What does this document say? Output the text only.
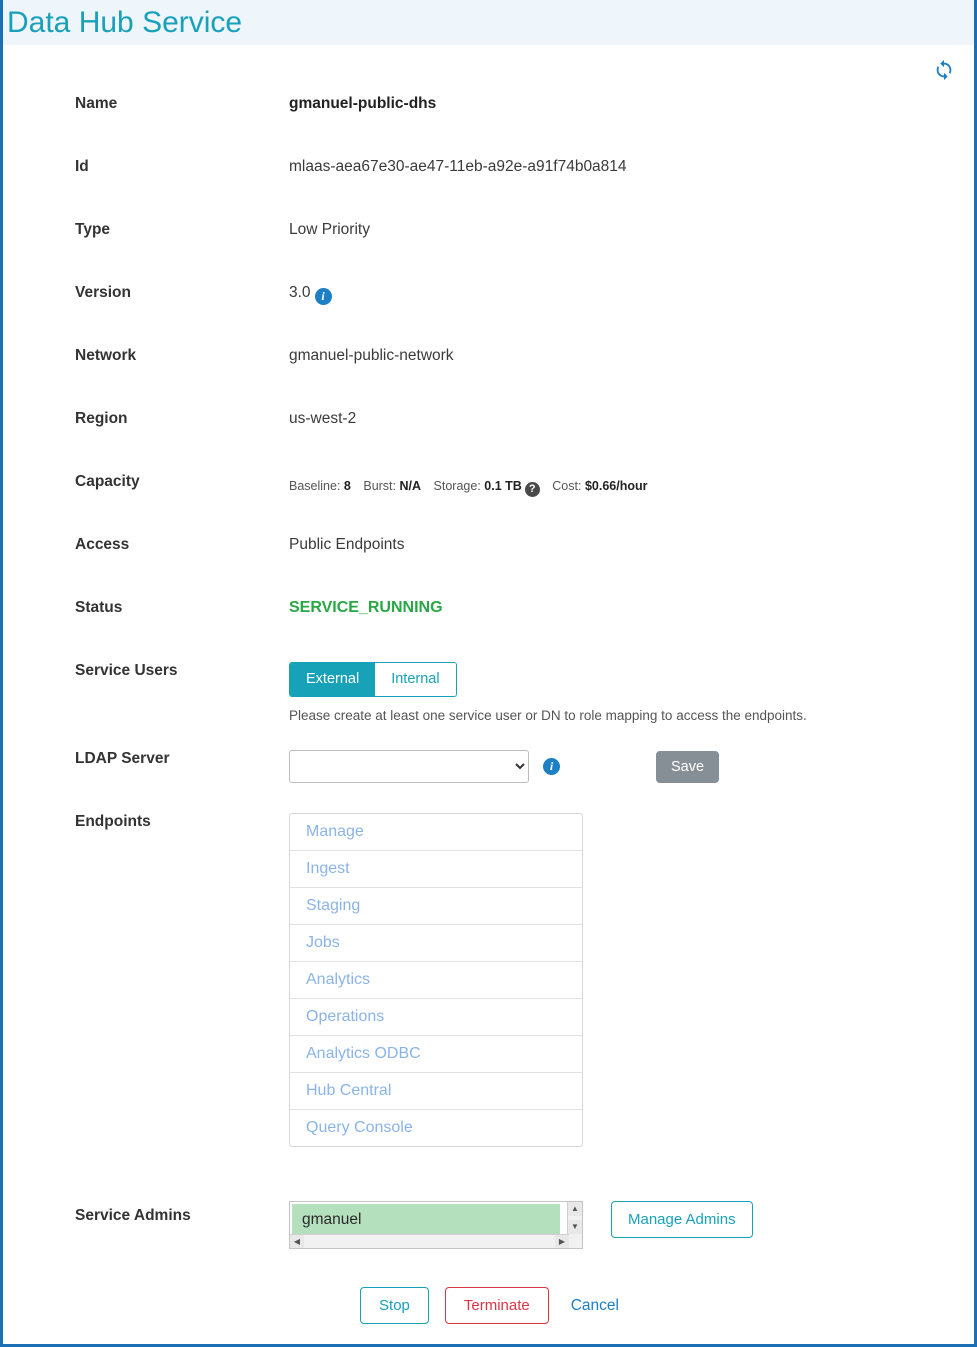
Data Hub Service
Name	gmanuel-public-dhs
Id	mlaas-aea67e30-ae47-11eb-a92e-a91f74b0a814
Type	Low Priority
Version	3.0 i
Network	gmanuel-public-network
Region	us-west-2
Capacity	Baseline: 8 Burst: N/A Storage: 0.1 TB ? Cost: $0.66/hour
Access	Public Endpoints
Status	SERVICE_RUNNING
Service Users	External	Internal
Please create at least one service user or DN to role mapping to access the endpoints.
LDAP Server	i	Save
Endpoints
Manage
Ingest
Staging
Jobs
Analytics
Operations
Analytics ODBC
Hub Central
Query Console
Service Admins	gmanuel
▲
▼
◀	▶
Manage Admins
Stop	Terminate	Cancel
